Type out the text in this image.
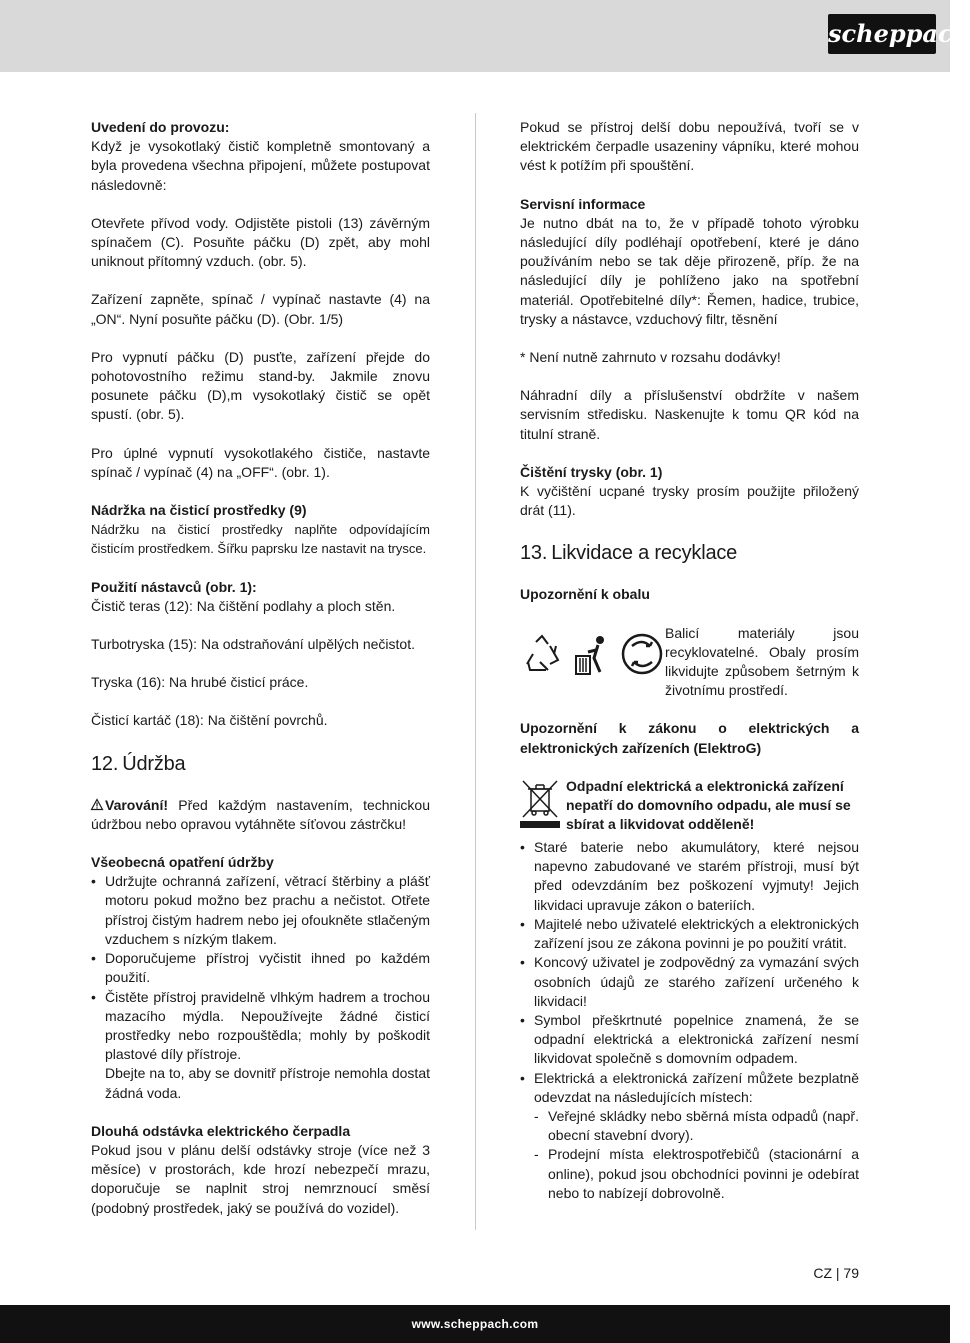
scheppach
Uvedení do provozu:

Když je vysokotlaký čistič kompletně smontovaný a byla provedena všechna připojení, můžete postupovat následovně:

Otevřete přívod vody. Odjistěte pistoli (13) závěrným spínačem (C). Posuňte páčku (D) zpět, aby mohl uniknout přítomný vzduch. (obr. 5).

Zařízení zapněte, spínač / vypínač nastavte (4) na „ON“. Nyní posuňte páčku (D). (Obr. 1/5)

Pro vypnutí páčku (D) pusťte, zařízení přejde do pohotovostního režimu stand-by. Jakmile znovu posunete páčku (D),m vysokotlaký čistič se opět spustí. (obr. 5).

Pro úplné vypnutí vysokotlakého čističe, nastavte spínač / vypínač (4) na „OFF“. (obr. 1).

Nádržka na čisticí prostředky (9)

Nádržku na čisticí prostředky naplňte odpovídajícím čisticím prostředkem. Šířku paprsku lze nastavit na trysce.

Použití nástavců (obr. 1):

Čistič teras (12): Na čištění podlahy a ploch stěn.

Turbotryska (15): Na odstraňování ulpělých nečistot.

Tryska (16): Na hrubé čisticí práce.

Čisticí kartáč (18): Na čištění povrchů.

12. Údržba

Varování! Před každým nastavením, technickou údržbou nebo opravou vytáhněte síťovou zástrčku!

Všeobecná opatření údržby
• Udržujte ochranná zařízení, větrací štěrbiny a plášť motoru pokud možno bez prachu a nečistot. Otřete přístroj čistým hadrem nebo jej ofoukněte stlačeným vzduchem s nízkým tlakem.
• Doporučujeme přístroj vyčistit ihned po každém použití.
• Čistěte přístroj pravidelně vlhkým hadrem a trochou mazacího mýdla. Nepoužívejte žádné čisticí prostředky nebo rozpouštědla; mohly by poškodit plastové díly přístroje.
Dbejte na to, aby se dovnitř přístroje nemohla dostat žádná voda.
Dlouhá odstávka elektrického čerpadla

Pokud jsou v plánu delší odstávky stroje (více než 3 měsíce) v prostorách, kde hrozí nebezpečí mrazu, doporučuje se naplnit stroj nemrznoucí směsí (podobný prostředek, jaký se používá do vozidel).

Pokud se přístroj delší dobu nepoužívá, tvoří se v elektrickém čerpadle usazeniny vápníku, které mohou vést k potížím při spouštění.

Servisní informace

Je nutno dbát na to, že v případě tohoto výrobku následující díly podléhají opotřebení, které je dáno používáním nebo se tak děje přirozeně, příp. že na následující díly je pohlíženo jako na spotřební materiál. Opotřebitelné díly*: Řemen, hadice, trubice, trysky a nástavce, vzduchový filtr, těsnění

* Není nutně zahrnuto v rozsahu dodávky!

Náhradní díly a příslušenství obdržíte v našem servisním středisku. Naskenujte k tomu QR kód na titulní straně.

Čištění trysky (obr. 1)

K vyčištění ucpané trysky prosím použijte přiložený drát (11).

13. Likvidace a recyklace

Upozornění k obalu

Balicí materiály jsou recyklovatelné. Obaly prosím likvidujte způsobem šetrným k životnímu prostředí.

Upozornění k zákonu o elektrických a elektronických zařízeních (ElektroG)

Odpadní elektrická a elektronická zařízení nepatří do domovního odpadu, ale musí se sbírat a likvidovat odděleně!
• Staré baterie nebo akumulátory, které nejsou napevno zabudované ve starém přístroji, musí být před odevzdáním bez poškození vyjmuty! Jejich likvidaci upravuje zákon o bateriích.
• Majitelé nebo uživatelé elektrických a elektronických zařízení jsou ze zákona povinni je po použití vrátit.
• Koncový uživatel je zodpovědný za vymazání svých osobních údajů ze starého zařízení určeného k likvidaci!
• Symbol přeškrtnuté popelnice znamená, že se odpadní elektrická a elektronická zařízení nesmí likvidovat společně s domovním odpadem.
• Elektrická a elektronická zařízení můžete bezplatně odevzdat na následujících místech:
- Veřejné skládky nebo sběrná místa odpadů (např. obecní stavební dvory).
- Prodejní místa elektrospotřebičů (stacionární a online), pokud jsou obchodníci povinni je odebírat nebo to nabízejí dobrovolně.
CZ | 79
www.scheppach.com
